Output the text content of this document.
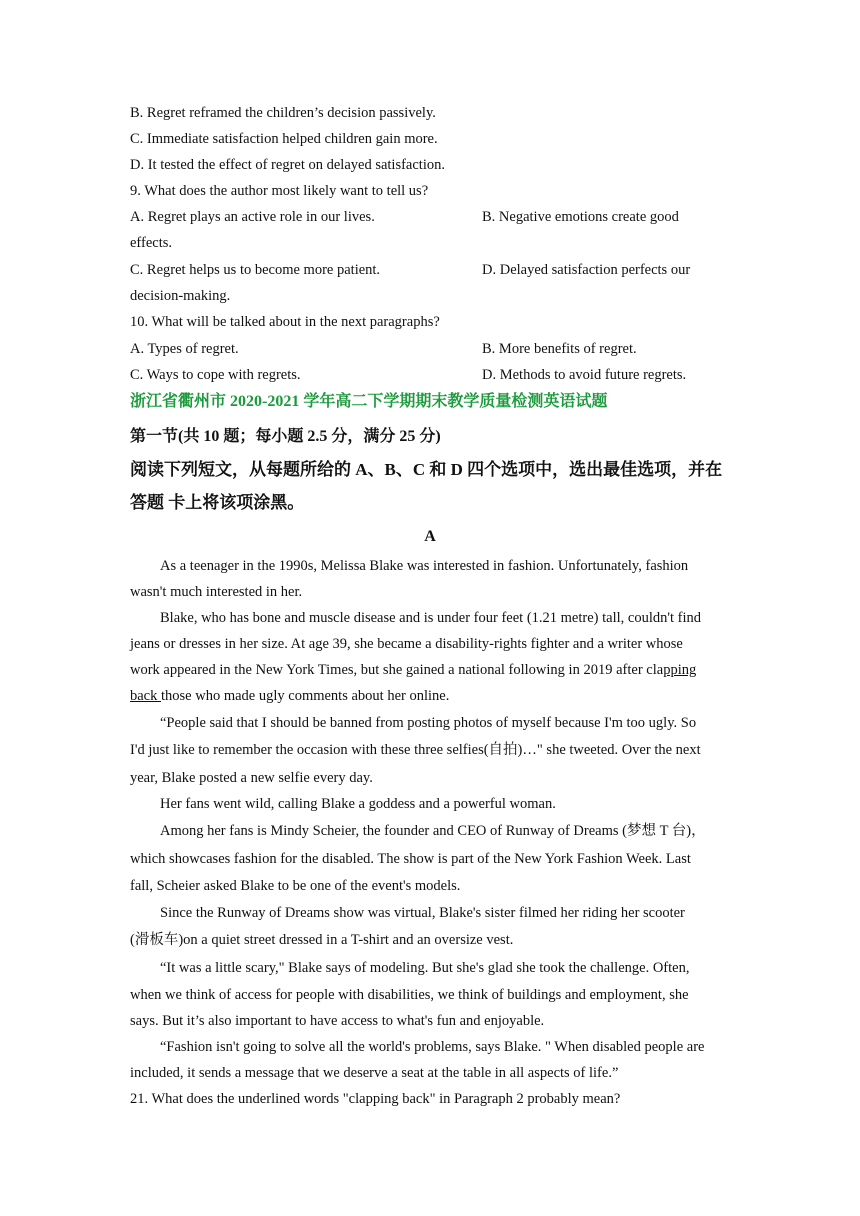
B. Regret reframed the children’s decision passively.
C. Immediate satisfaction helped children gain more.
D. It tested the effect of regret on delayed satisfaction.
9. What does the author most likely want to tell us?
A. Regret plays an active role in our lives.	B. Negative emotions create good
effects.
C. Regret helps us to become more patient.	D. Delayed satisfaction perfects our
decision-making.
10. What will be talked about in the next paragraphs?
A. Types of regret.	B. More benefits of regret.
C. Ways to cope with regrets.	D. Methods to avoid future regrets.
浙江省衢州市 2020-2021 学年高二下学期期末教学质量检测英语试题
第一节(共 10 题；每小题 2.5 分，满分 25 分)
阅读下列短文，从每题所给的 A、B、C 和 D 四个选项中，选出最佳选项，并在
答题 卡上将该项涂黑。
A
As a teenager in the 1990s, Melissa Blake was interested in fashion. Unfortunately, fashion
wasn't much interested in her.
Blake, who has bone and muscle disease and is under four feet (1.21 metre) tall, couldn't find
jeans or dresses in her size. At age 39, she became a disability-rights fighter and a writer whose
work appeared in the New York Times, but she gained a national following in 2019 after clapping
back those who made ugly comments about her online.
“People said that I should be banned from posting photos of myself because I'm too ugly. So
I'd just like to remember the occasion with these three selfies(自拍)…" she tweeted. Over the next
year, Blake posted a new selfie every day.
Her fans went wild, calling Blake a goddess and a powerful woman.
Among her fans is Mindy Scheier, the founder and CEO of Runway of Dreams (梦想 T 台)，
which showcases fashion for the disabled. The show is part of the New York Fashion Week. Last
fall, Scheier asked Blake to be one of the event's models.
Since the Runway of Dreams show was virtual, Blake's sister filmed her riding her scooter
(滑板车)on a quiet street dressed in a T-shirt and an oversize vest.
“It was a little scary," Blake says of modeling. But she's glad she took the challenge. Often,
when we think of access for people with disabilities, we think of buildings and employment, she
says. But it’s also important to have access to what's fun and enjoyable.
“Fashion isn't going to solve all the world's problems, says Blake. " When disabled people are
included, it sends a message that we deserve a seat at the table in all aspects of life.”
21. What does the underlined words "clapping back" in Paragraph 2 probably mean?
